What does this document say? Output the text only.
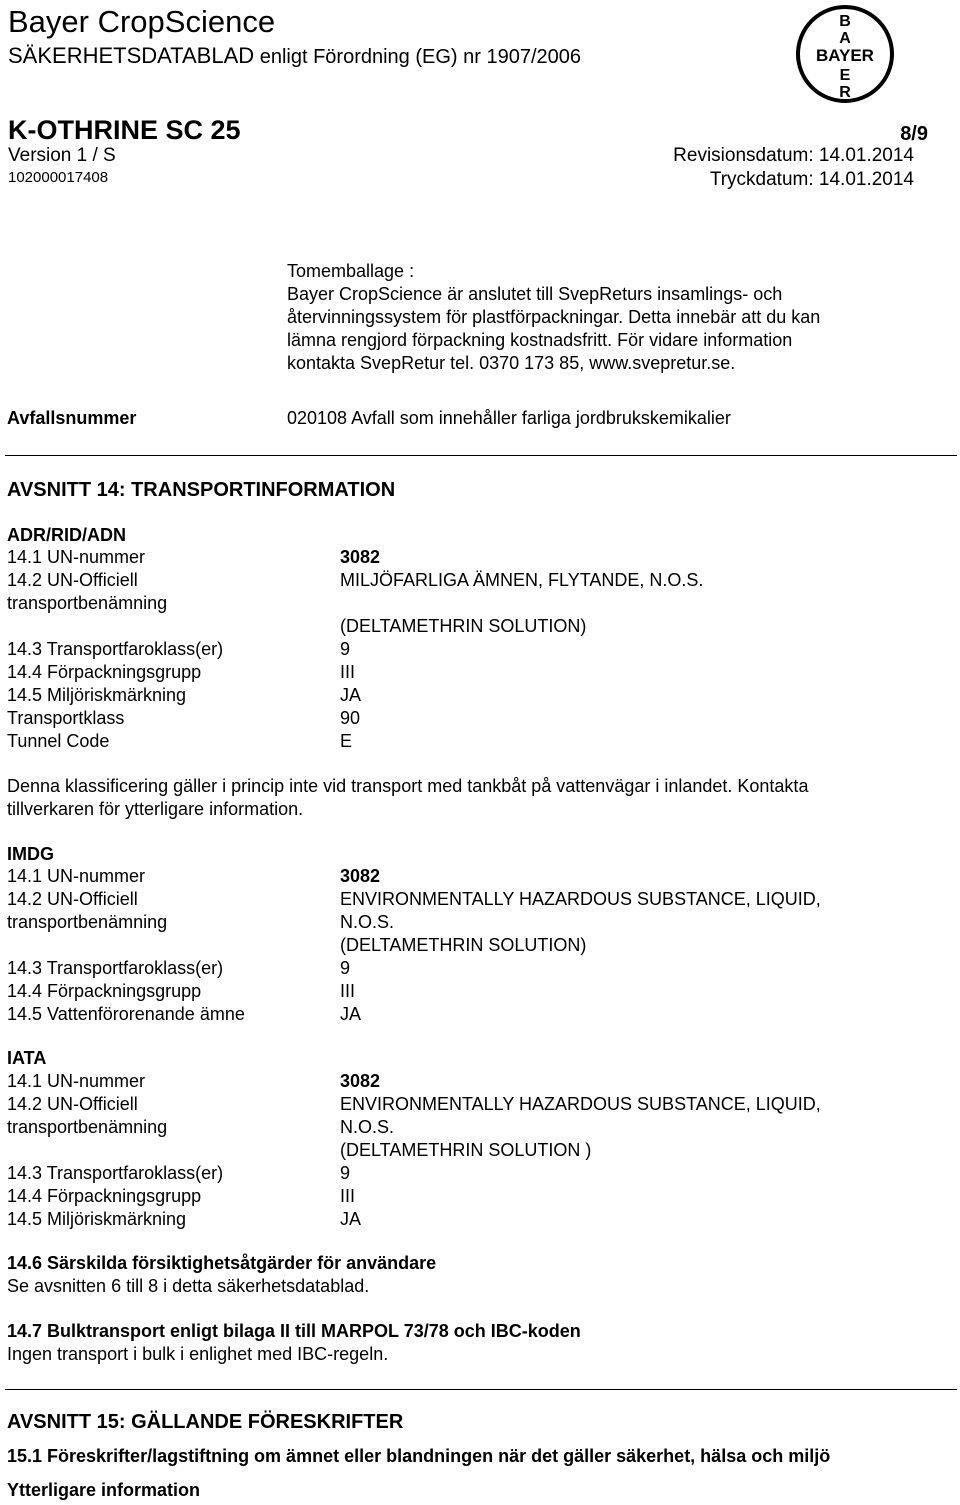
Bayer CropScience
SÄKERHETSDATABLAD enligt Förordning (EG) nr 1907/2006
B
A
BAYER
E
R
K-OTHRINE SC 25	8/9
Version 1 / S	Revisionsdatum: 14.01.2014
102000017408	Tryckdatum: 14.01.2014
Tomemballage :
Bayer CropScience är anslutet till SvepReturs insamlings- och
återvinningssystem för plastförpackningar. Detta innebär att du kan
lämna rengjord förpackning kostnadsfritt. För vidare information
kontakta SvepRetur tel. 0370 173 85, www.svepretur.se.
Avfallsnummer	020108 Avfall som innehåller farliga jordbrukskemikalier
AVSNITT 14: TRANSPORTINFORMATION
ADR/RID/ADN
14.1 UN-nummer	3082
14.2 UN-Officiell	MILJÖFARLIGA ÄMNEN, FLYTANDE, N.O.S.
transportbenämning
(DELTAMETHRIN SOLUTION)
14.3 Transportfaroklass(er)	9
14.4 Förpackningsgrupp	III
14.5 Miljöriskmärkning	JA
Transportklass	90
Tunnel Code	E
Denna klassificering gäller i princip inte vid transport med tankbåt på vattenvägar i inlandet. Kontakta
tillverkaren för ytterligare information.
IMDG
14.1 UN-nummer	3082
14.2 UN-Officiell	ENVIRONMENTALLY HAZARDOUS SUBSTANCE, LIQUID,
transportbenämning	N.O.S.
(DELTAMETHRIN SOLUTION)
14.3 Transportfaroklass(er)	9
14.4 Förpackningsgrupp	III
14.5 Vattenförorenande ämne	JA
IATA
14.1 UN-nummer	3082
14.2 UN-Officiell	ENVIRONMENTALLY HAZARDOUS SUBSTANCE, LIQUID,
transportbenämning	N.O.S.
(DELTAMETHRIN SOLUTION )
14.3 Transportfaroklass(er)	9
14.4 Förpackningsgrupp	III
14.5 Miljöriskmärkning	JA
14.6 Särskilda försiktighetsåtgärder för användare
Se avsnitten 6 till 8 i detta säkerhetsdatablad.
14.7 Bulktransport enligt bilaga II till MARPOL 73/78 och IBC-koden
Ingen transport i bulk i enlighet med IBC-regeln.
AVSNITT 15: GÄLLANDE FÖRESKRIFTER
15.1 Föreskrifter/lagstiftning om ämnet eller blandningen när det gäller säkerhet, hälsa och miljö
Ytterligare information
